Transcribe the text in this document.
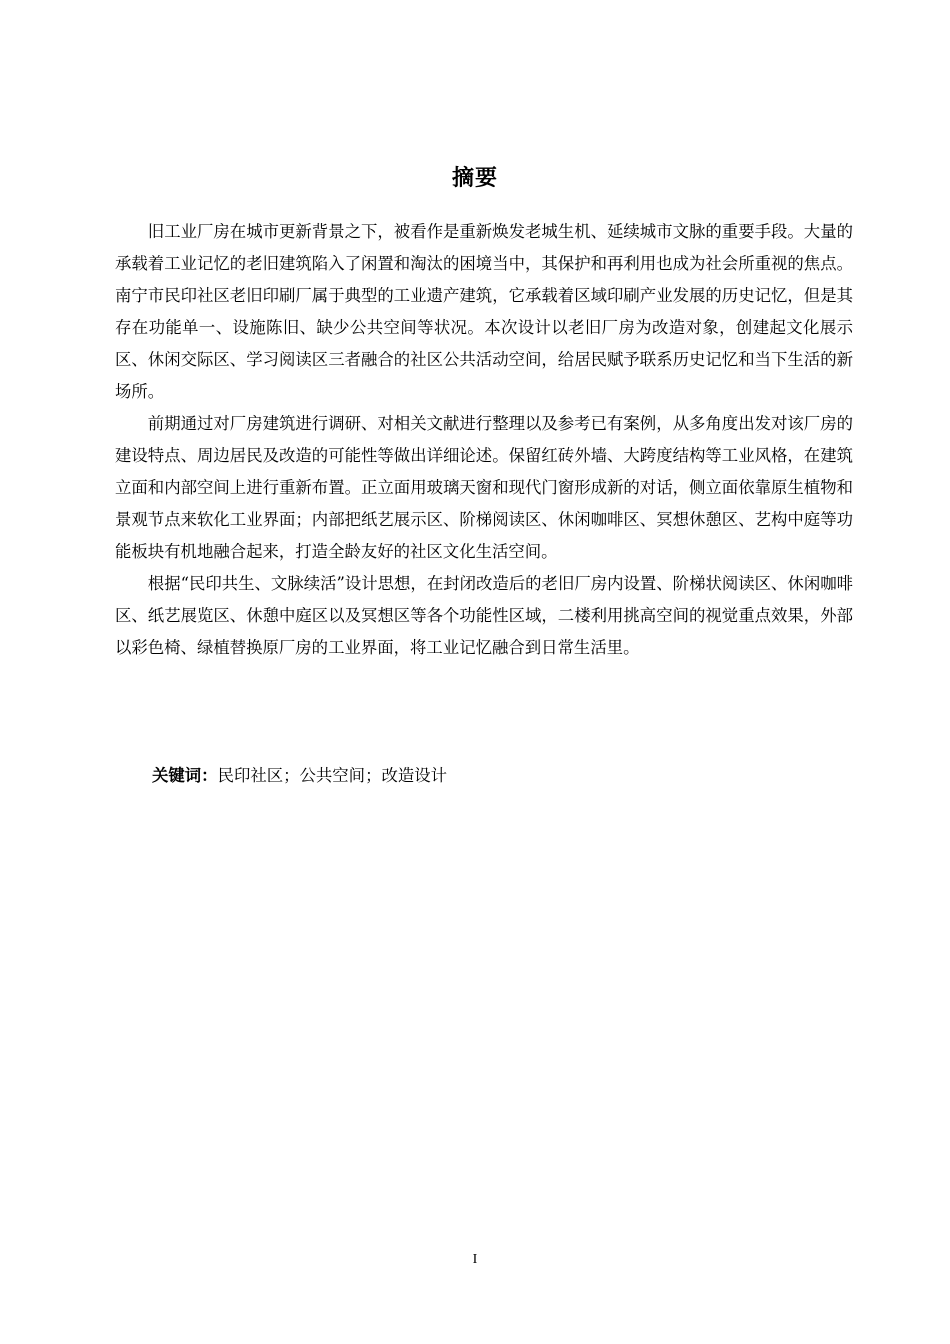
摘要

旧工业厂房在城市更新背景之下，被看作是重新焕发老城生机、延续城市文脉的重要手段。大量的承载着工业记忆的老旧建筑陷入了闲置和淘汰的困境当中，其保护和再利用也成为社会所重视的焦点。南宁市民印社区老旧印刷厂属于典型的工业遗产建筑，它承载着区域印刷产业发展的历史记忆，但是其存在功能单一、设施陈旧、缺少公共空间等状况。本次设计以老旧厂房为改造对象，创建起文化展示区、休闲交际区、学习阅读区三者融合的社区公共活动空间，给居民赋予联系历史记忆和当下生活的新场所。

前期通过对厂房建筑进行调研、对相关文献进行整理以及参考已有案例，从多角度出发对该厂房的建设特点、周边居民及改造的可能性等做出详细论述。保留红砖外墙、大跨度结构等工业风格，在建筑立面和内部空间上进行重新布置。正立面用玻璃天窗和现代门窗形成新的对话，侧立面依靠原生植物和景观节点来软化工业界面；内部把纸艺展示区、阶梯阅读区、休闲咖啡区、冥想休憩区、艺构中庭等功能板块有机地融合起来，打造全龄友好的社区文化生活空间。

根据“民印共生、文脉续活”设计思想，在封闭改造后的老旧厂房内设置、阶梯状阅读区、休闲咖啡区、纸艺展览区、休憩中庭区以及冥想区等各个功能性区域，二楼利用挑高空间的视觉重点效果，外部以彩色椅、绿植替换原厂房的工业界面，将工业记忆融合到日常生活里。

关键词：民印社区；公共空间；改造设计
I
